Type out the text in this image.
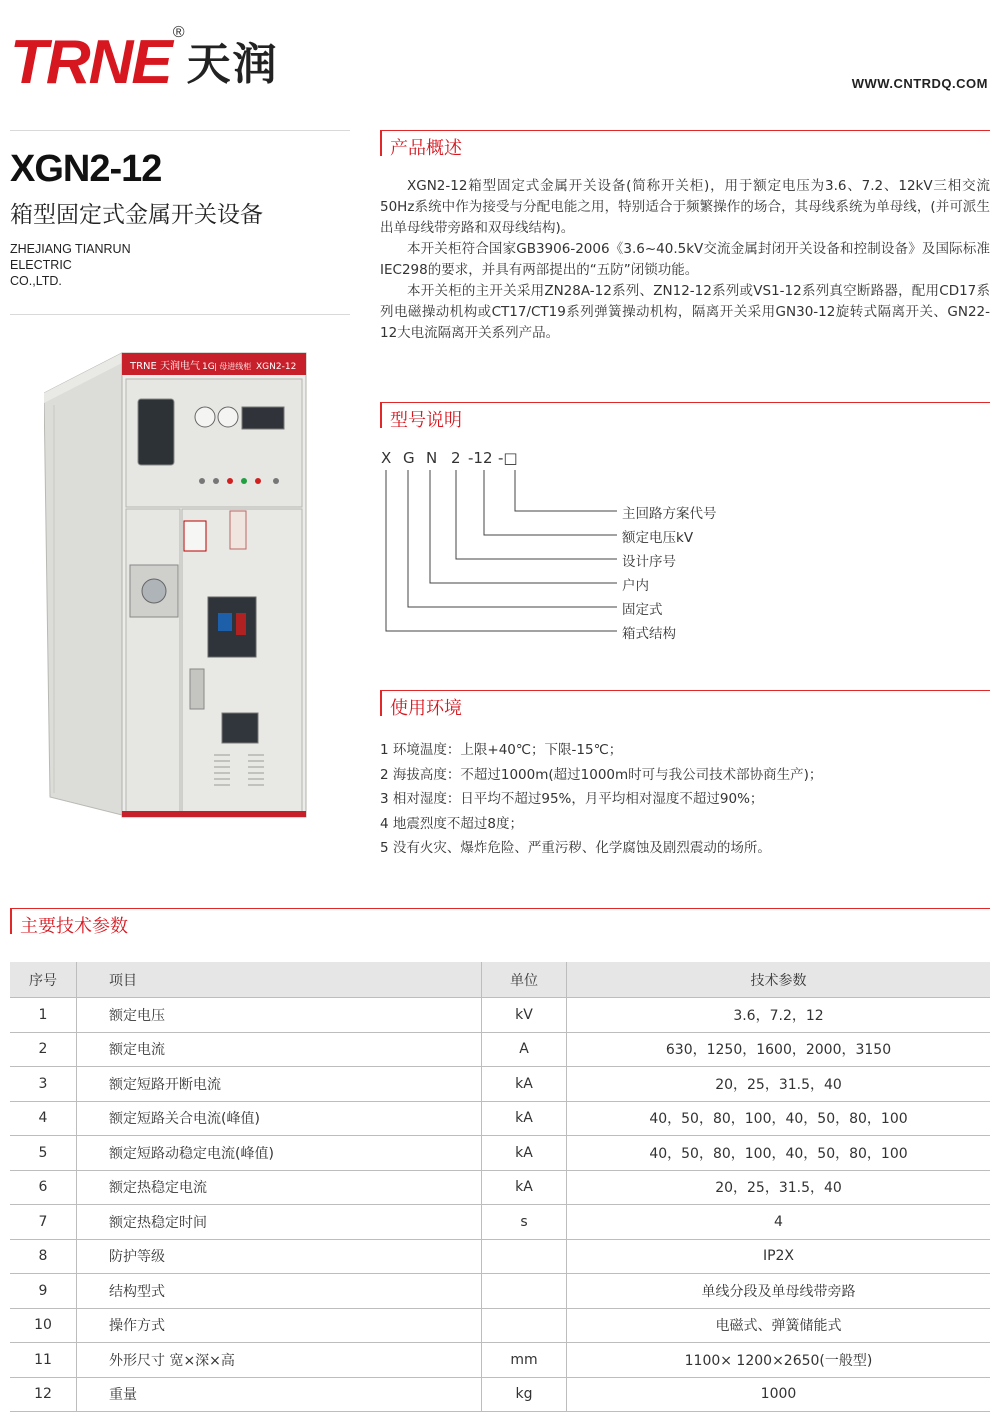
TRNE ®
天润	WWW.CNTRDQ.COM
XGN2-12
箱型固定式金属开关设备
ZHEJIANG TIANRUN
ELECTRIC
CO.,LTD.
TRNE 天润电气 1G | 母进线柜 XGN2-12
产品概述

XGN2-12箱型固定式金属开关设备(简称开关柜)，用于额定电压为3.6、7.2、12kV三相交流50Hz系统中作为接受与分配电能之用，特别适合于频繁操作的场合，其母线系统为单母线，(并可派生出单母线带旁路和双母线结构)。

本开关柜符合国家GB3906-2006《3.6~40.5kV交流金属封闭开关设备和控制设备》及国际标准IEC298的要求，并具有两部提出的“五防”闭锁功能。

本开关柜的主开关采用ZN28A-12系列、ZN12-12系列或VS1-12系列真空断路器，配用CD17系列电磁操动机构或CT17/CT19系列弹簧操动机构，隔离开关采用GN30-12旋转式隔离开关、GN22-12大电流隔离开关系列产品。

型号说明
X G N 2 -12 -□
主回路方案代号
额定电压kV
设计序号
户内
固定式
箱式结构
使用环境
1 环境温度：上限+40℃；下限-15℃；
2 海拔高度：不超过1000m(超过1000m时可与我公司技术部协商生产)；
3 相对湿度：日平均不超过95%，月平均相对湿度不超过90%；
4 地震烈度不超过8度；
5 没有火灾、爆炸危险、严重污秽、化学腐蚀及剧烈震动的场所。
主要技术参数
序号	项目	单位	技术参数
1	额定电压	kV	3.6，7.2，12
2	额定电流	A	630，1250，1600，2000，3150
3	额定短路开断电流	kA	20，25，31.5，40
4	额定短路关合电流(峰值)	kA	40，50，80，100，40，50，80，100
5	额定短路动稳定电流(峰值)	kA	40，50，80，100，40，50，80，100
6	额定热稳定电流	kA	20，25，31.5，40
7	额定热稳定时间	s	4
8	防护等级		IP2X
9	结构型式		单线分段及单母线带旁路
10	操作方式		电磁式、弹簧储能式
11	外形尺寸 宽×深×高	mm	1100× 1200×2650(一般型)
12	重量	kg	1000
